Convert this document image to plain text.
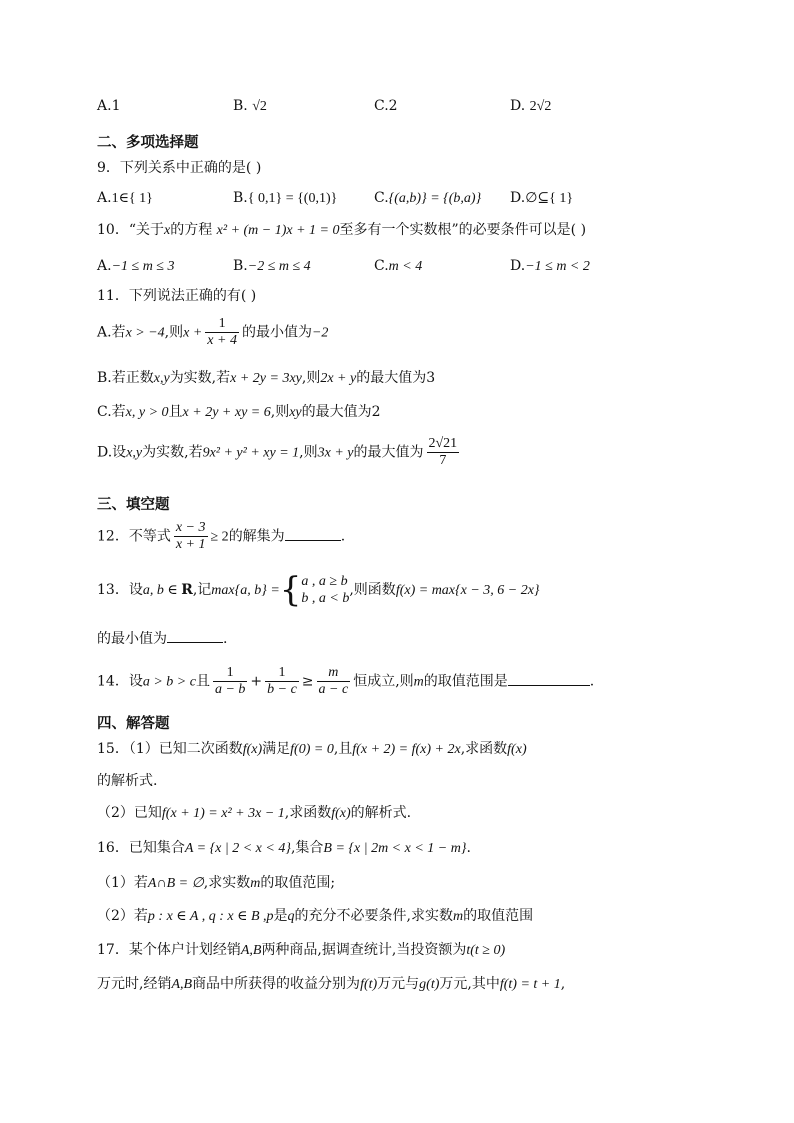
A.1	B. √2	C.2	D. 2√2
二、多项选择题
9．下列关系中正确的是( )
A.1∈{ 1}	B.{ 0,1} = {(0,1)}	C.{(a,b)} = {(b,a)} D.∅⊆{ 1}
10．“关于x的方程 x² + (m − 1)x + 1 = 0至多有一个实数根”的必要条件可以是( )
A.−1 ≤ m ≤ 3	B.−2 ≤ m ≤ 4	C.m < 4	D.−1 ≤ m < 2
11．下列说法正确的有( )
A.若x > −4,则$x + \frac{1}{x + 4}$ 的最小值为−2
B.若正数x,y为实数,若x + 2y = 3xy,则2x + y的最大值为3
C.若x, y > 0且x + 2y + xy = 6,则xy的最大值为2
D.设x,y为实数,若9x² + y² + xy = 1,则3x + y的最大值为 $\frac{2√21}{7}$
三、填空题
12．不等式 $\frac{x - 3}{x + 1} \ge 2$的解集为	.
13．设a, b ∈ R,记max{a, b} ={ a , a ≥ b
b , a < b
,则函数f(x) = max{x − 3, 6 − 2x}
的最小值为	.
14．设a > b > c且 $\frac{1}{a - b} + \frac{1}{b - c} \ge \frac{m}{a - c}$ 恒成立,则m的取值范围是	.
四、解答题
15．（1）已知二次函数f(x)满足f(0) = 0,且f(x + 2) = f(x) + 2x,求函数f(x)
的解析式.
（2）已知f(x + 1) = x² + 3x − 1,求函数f(x)的解析式.
16．已知集合A = {x | 2 < x < 4},集合B = {x | 2m < x < 1 − m}.
（1）若A∩B = ∅,求实数m的取值范围;
（2）若p : x ∈ A , q : x ∈ B ,p是q的充分不必要条件,求实数m的取值范围
17．某个体户计划经销A,B两种商品,据调查统计,当投资额为t(t ≥ 0)
万元时,经销A,B商品中所获得的收益分别为f(t)万元与g(t)万元,其中f(t) = t + 1,
